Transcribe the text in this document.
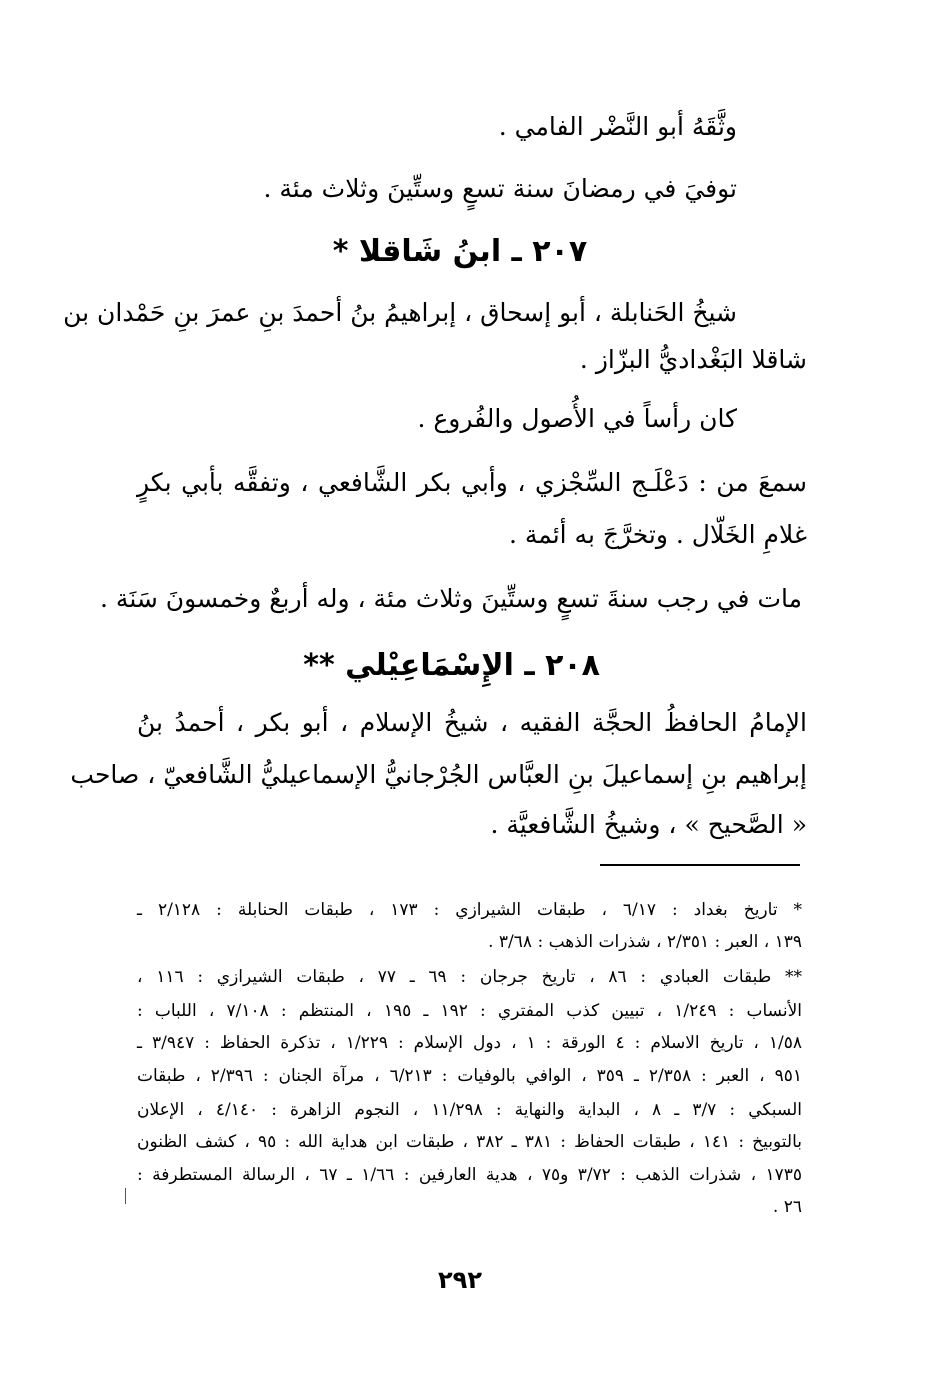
وثَّقَهُ أبو النَّضْر الفامي .
توفيَ في رمضانَ سنة تسعٍ وستِّينَ وثلاث مئة .
٢٠٧ ـ ابنُ شَاقلا *
شيخُ الحَنابلة ، أبو إسحاق ، إبراهيمُ بنُ أحمدَ بنِ عمرَ بنِ حَمْدان بن
شاقلا البَغْداديُّ البزّاز .
كان رأساً في الأُصول والفُروع .
سمعَ من : دَعْلَـج السِّجْزي ، وأبي بكر الشَّافعي ، وتفقَّه بأبي بكرٍ
غلامِ الخَلّال . وتخرَّجَ به أئمة .
مات في رجب سنةَ تسعٍ وستِّينَ وثلاث مئة ، وله أربعٌ وخمسونَ سَنَة .
٢٠٨ ـ الإِسْمَاعِيْلي **
الإمامُ الحافظُ الحجَّة الفقيه ، شيخُ الإسلام ، أبو بكر ، أحمدُ بنُ
إبراهيم بنِ إسماعيلَ بنِ العبَّاس الجُرْجانيُّ الإسماعيليُّ الشَّافعيّ ، صاحب
« الصَّحيح » ، وشيخُ الشَّافعيَّة .
* تاريخ بغداد : ٦/١٧ ، طبقات الشيرازي : ١٧٣ ، طبقات الحنابلة : ٢/١٢٨ ـ
١٣٩ ، العبر : ٢/٣٥١ ، شذرات الذهب : ٣/٦٨ .
** طبقات العبادي : ٨٦ ، تاريخ جرجان : ٦٩ ـ ٧٧ ، طبقات الشيرازي : ١١٦ ،
الأنساب : ١/٢٤٩ ، تبيين كذب المفتري : ١٩٢ ـ ١٩٥ ، المنتظم : ٧/١٠٨ ، اللباب :
١/٥٨ ، تاريخ الاسلام : ٤ الورقة : ١ ، دول الإسلام : ١/٢٢٩ ، تذكرة الحفاظ : ٣/٩٤٧ ـ
٩٥١ ، العبر : ٢/٣٥٨ ـ ٣٥٩ ، الوافي بالوفيات : ٦/٢١٣ ، مرآة الجنان : ٢/٣٩٦ ، طبقات
السبكي : ٣/٧ ـ ٨ ، البداية والنهاية : ١١/٢٩٨ ، النجوم الزاهرة : ٤/١٤٠ ، الإعلان
بالتوبيخ : ١٤١ ، طبقات الحفاظ : ٣٨١ ـ ٣٨٢ ، طبقات ابن هداية الله : ٩٥ ، كشف الظنون
١٧٣٥ ، شذرات الذهب : ٣/٧٢ و٧٥ ، هدية العارفين : ١/٦٦ ـ ٦٧ ، الرسالة المستطرفة :
٢٦ .
٢٩٢
